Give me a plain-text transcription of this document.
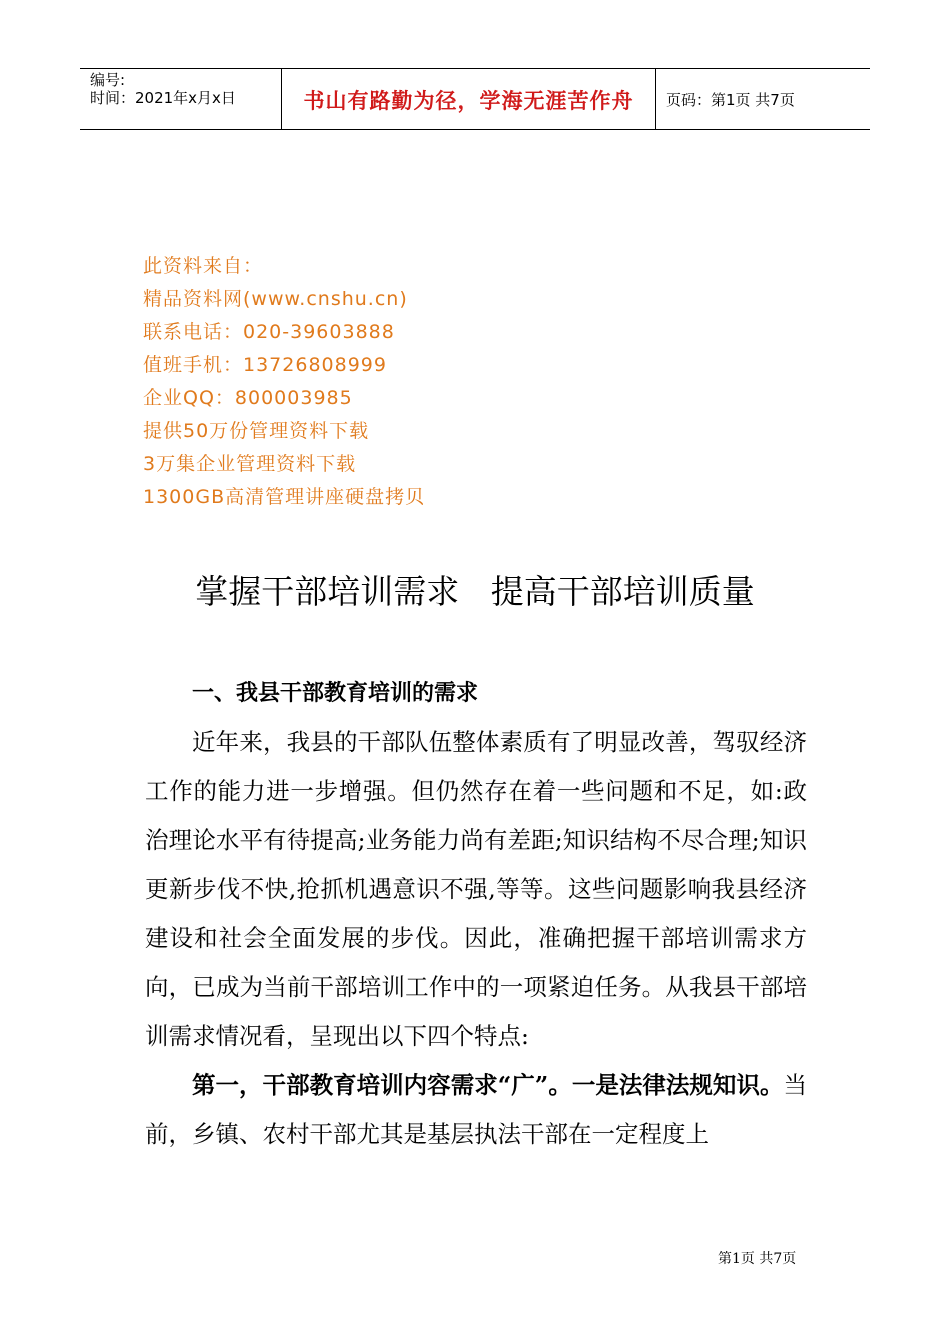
编号:
时间：2021年x月x日	书山有路勤为径，学海无涯苦作舟	页码：第1页 共7页
此资料来自：
精品资料网(www.cnshu.cn)
联系电话：020-39603888
值班手机：13726808999
企业QQ：800003985
提供50万份管理资料下载
3万集企业管理资料下载
1300GB高清管理讲座硬盘拷贝
掌握干部培训需求   提高干部培训质量
一、我县干部教育培训的需求

近年来，我县的干部队伍整体素质有了明显改善，驾驭经济工作的能力进一步增强。但仍然存在着一些问题和不足，如:政治理论水平有待提高;业务能力尚有差距;知识结构不尽合理;知识更新步伐不快,抢抓机遇意识不强,等等。这些问题影响我县经济建设和社会全面发展的步伐。因此，准确把握干部培训需求方向，已成为当前干部培训工作中的一项紧迫任务。从我县干部培训需求情况看，呈现出以下四个特点:

第一，干部教育培训内容需求“广”。一是法律法规知识。当前，乡镇、农村干部尤其是基层执法干部在一定程度上

第1页 共7页
